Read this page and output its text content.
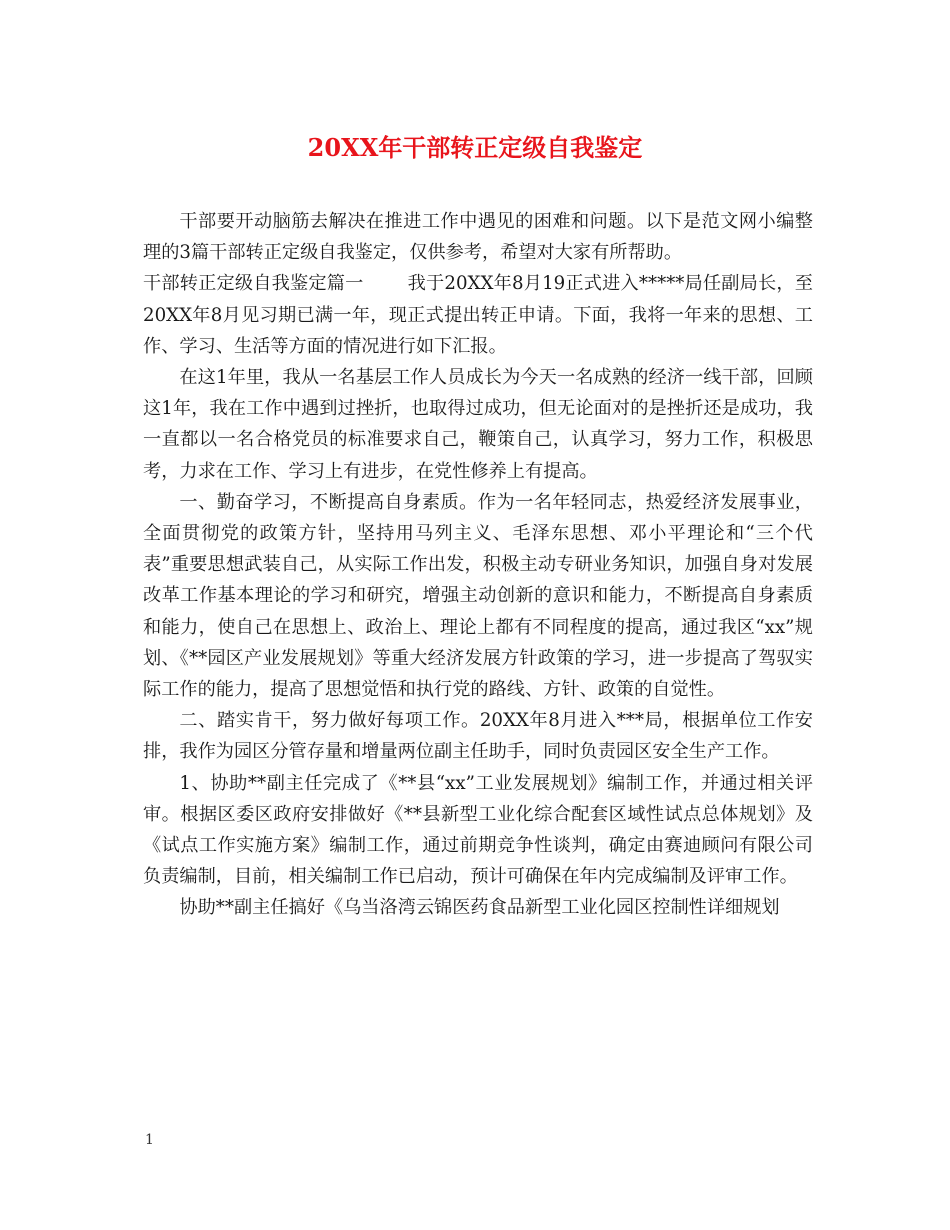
20XX年干部转正定级自我鉴定

干部要开动脑筋去解决在推进工作中遇见的困难和问题。以下是范文网小编整理的3篇干部转正定级自我鉴定，仅供参考，希望对大家有所帮助。

干部转正定级自我鉴定篇一 我于20XX年8月19正式进入*****局任副局长，至20XX年8月见习期已满一年，现正式提出转正申请。下面，我将一年来的思想、工作、学习、生活等方面的情况进行如下汇报。

在这1年里，我从一名基层工作人员成长为今天一名成熟的经济一线干部，回顾这1年，我在工作中遇到过挫折，也取得过成功，但无论面对的是挫折还是成功，我一直都以一名合格党员的标准要求自己，鞭策自己，认真学习，努力工作，积极思考，力求在工作、学习上有进步，在党性修养上有提高。

一、勤奋学习，不断提高自身素质。作为一名年轻同志，热爱经济发展事业，全面贯彻党的政策方针，坚持用马列主义、毛泽东思想、邓小平理论和“三个代表”重要思想武装自己，从实际工作出发，积极主动专研业务知识，加强自身对发展改革工作基本理论的学习和研究，增强主动创新的意识和能力，不断提高自身素质和能力，使自己在思想上、政治上、理论上都有不同程度的提高，通过我区“xx”规划、《**园区产业发展规划》等重大经济发展方针政策的学习，进一步提高了驾驭实际工作的能力，提高了思想觉悟和执行党的路线、方针、政策的自觉性。

二、踏实肯干，努力做好每项工作。20XX年8月进入***局，根据单位工作安排，我作为园区分管存量和增量两位副主任助手，同时负责园区安全生产工作。

1、协助**副主任完成了《**县“xx”工业发展规划》编制工作，并通过相关评审。根据区委区政府安排做好《**县新型工业化综合配套区域性试点总体规划》及《试点工作实施方案》编制工作，通过前期竞争性谈判，确定由赛迪顾问有限公司负责编制，目前，相关编制工作已启动，预计可确保在年内完成编制及评审工作。

协助**副主任搞好《乌当洛湾云锦医药食品新型工业化园区控制性详细规划

1
